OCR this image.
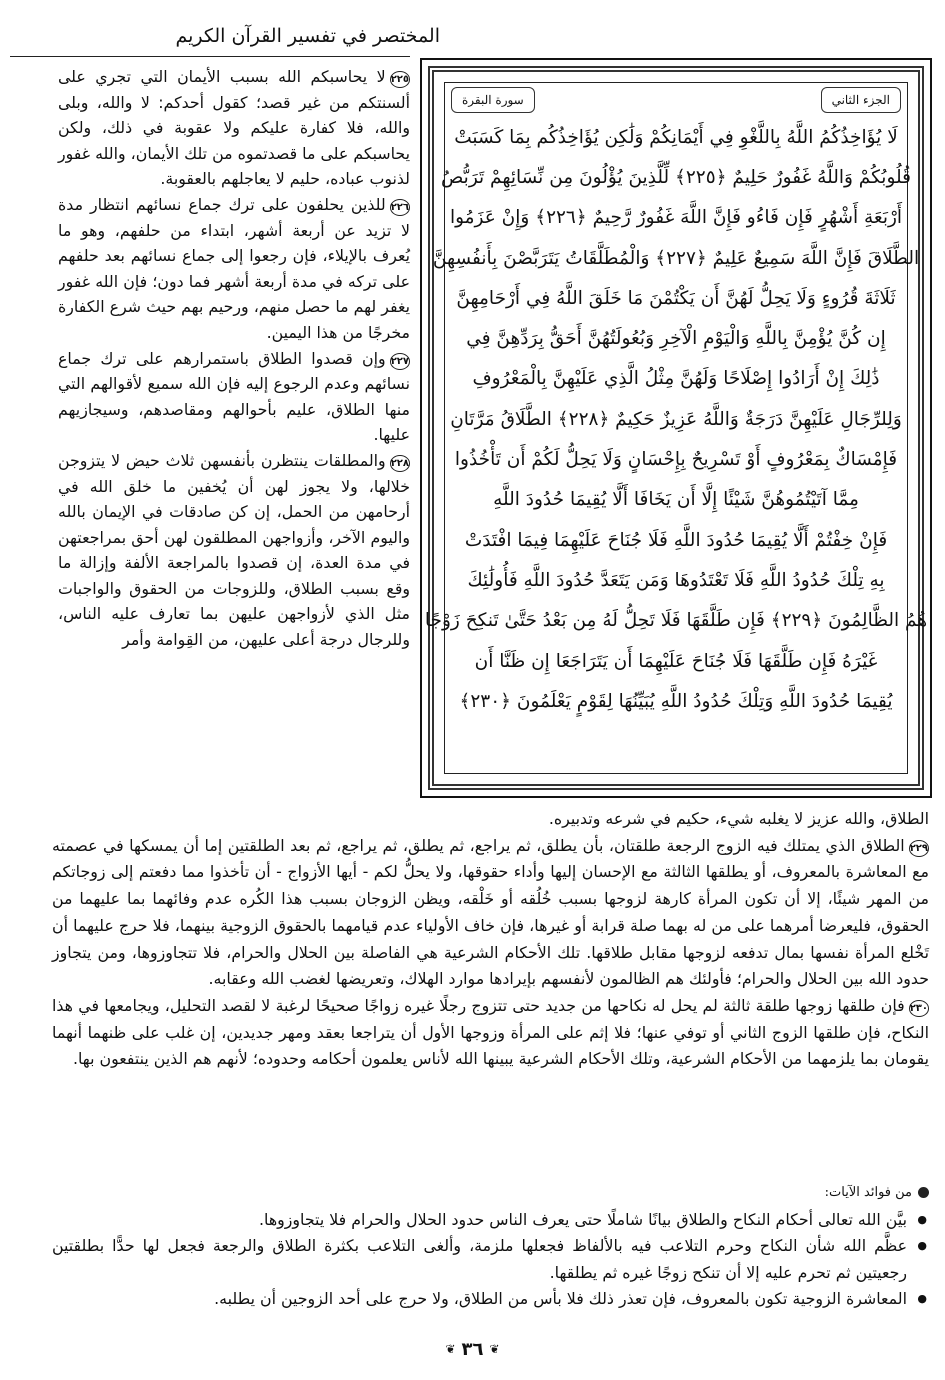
المختصر في تفسير القرآن الكريم
الجزء الثاني
سورة البقرة
لَا يُؤَاخِذُكُمُ اللَّهُ بِاللَّغْوِ فِي أَيْمَانِكُمْ وَلَٰكِن يُؤَاخِذُكُم بِمَا كَسَبَتْ
قُلُوبُكُمْ وَاللَّهُ غَفُورٌ حَلِيمٌ ﴿٢٢٥﴾ لِّلَّذِينَ يُؤْلُونَ مِن نِّسَائِهِمْ تَرَبُّصُ
أَرْبَعَةِ أَشْهُرٍ فَإِن فَاءُو فَإِنَّ اللَّهَ غَفُورٌ رَّحِيمٌ ﴿٢٢٦﴾ وَإِنْ عَزَمُوا
الطَّلَاقَ فَإِنَّ اللَّهَ سَمِيعٌ عَلِيمٌ ﴿٢٢٧﴾ وَالْمُطَلَّقَاتُ يَتَرَبَّصْنَ بِأَنفُسِهِنَّ
ثَلَاثَةَ قُرُوءٍ وَلَا يَحِلُّ لَهُنَّ أَن يَكْتُمْنَ مَا خَلَقَ اللَّهُ فِي أَرْحَامِهِنَّ
إِن كُنَّ يُؤْمِنَّ بِاللَّهِ وَالْيَوْمِ الْآخِرِ وَبُعُولَتُهُنَّ أَحَقُّ بِرَدِّهِنَّ فِي
ذَٰلِكَ إِنْ أَرَادُوا إِصْلَاحًا وَلَهُنَّ مِثْلُ الَّذِي عَلَيْهِنَّ بِالْمَعْرُوفِ
وَلِلرِّجَالِ عَلَيْهِنَّ دَرَجَةٌ وَاللَّهُ عَزِيزٌ حَكِيمٌ ﴿٢٢٨﴾ الطَّلَاقُ مَرَّتَانِ
فَإِمْسَاكٌ بِمَعْرُوفٍ أَوْ تَسْرِيحٌ بِإِحْسَانٍ وَلَا يَحِلُّ لَكُمْ أَن تَأْخُذُوا
مِمَّا آتَيْتُمُوهُنَّ شَيْئًا إِلَّا أَن يَخَافَا أَلَّا يُقِيمَا حُدُودَ اللَّهِ
فَإِنْ خِفْتُمْ أَلَّا يُقِيمَا حُدُودَ اللَّهِ فَلَا جُنَاحَ عَلَيْهِمَا فِيمَا افْتَدَتْ
بِهِ تِلْكَ حُدُودُ اللَّهِ فَلَا تَعْتَدُوهَا وَمَن يَتَعَدَّ حُدُودَ اللَّهِ فَأُولَٰئِكَ
هُمُ الظَّالِمُونَ ﴿٢٢٩﴾ فَإِن طَلَّقَهَا فَلَا تَحِلُّ لَهُ مِن بَعْدُ حَتَّىٰ تَنكِحَ زَوْجًا
غَيْرَهُ فَإِن طَلَّقَهَا فَلَا جُنَاحَ عَلَيْهِمَا أَن يَتَرَاجَعَا إِن ظَنَّا أَن
يُقِيمَا حُدُودَ اللَّهِ وَتِلْكَ حُدُودُ اللَّهِ يُبَيِّنُهَا لِقَوْمٍ يَعْلَمُونَ ﴿٢٣٠﴾

٢٢٥لا يحاسبكم الله بسبب الأيمان التي تجري على ألسنتكم من غير قصد؛ كقول أحدكم: لا والله، وبلى والله، فلا كفارة عليكم ولا عقوبة في ذلك، ولكن يحاسبكم على ما قصدتموه من تلك الأيمان، والله غفور لذنوب عباده، حليم لا يعاجلهم بالعقوبة.

٢٢٦للذين يحلفون على ترك جماع نسائهم انتظار مدة لا تزيد عن أربعة أشهر، ابتداء من حلفهم، وهو ما يُعرف بالإيلاء، فإن رجعوا إلى جماع نسائهم بعد حلفهم على تركه في مدة أربعة أشهر فما دون؛ فإن الله غفور يغفر لهم ما حصل منهم، ورحيم بهم حيث شرع الكفارة مخرجًا من هذا اليمين.

٢٢٧وإن قصدوا الطلاق باستمرارهم على ترك جماع نسائهم وعدم الرجوع إليه فإن الله سميع لأقوالهم التي منها الطلاق، عليم بأحوالهم ومقاصدهم، وسيجازيهم عليها.

٢٢٨والمطلقات ينتظرن بأنفسهن ثلاث حيض لا يتزوجن خلالها، ولا يجوز لهن أن يُخفين ما خلق الله في أرحامهن من الحمل، إن كن صادقات في الإيمان بالله واليوم الآخر، وأزواجهن المطلقون لهن أحق بمراجعتهن في مدة العدة، إن قصدوا بالمراجعة الألفة وإزالة ما وقع بسبب الطلاق، وللزوجات من الحقوق والواجبات مثل الذي لأزواجهن عليهن بما تعارف عليه الناس، وللرجال درجة أعلى عليهن، من القِوامة وأمر

الطلاق، والله عزيز لا يغلبه شيء، حكيم في شرعه وتدبيره.

٢٢٩الطلاق الذي يمتلك فيه الزوج الرجعة طلقتان، بأن يطلق، ثم يراجع، ثم يطلق، ثم يراجع، ثم بعد الطلقتين إما أن يمسكها في عصمته مع المعاشرة بالمعروف، أو يطلقها الثالثة مع الإحسان إليها وأداء حقوقها، ولا يحلُّ لكم - أيها الأزواج - أن تأخذوا مما دفعتم إلى زوجاتكم من المهر شيئًا، إلا أن تكون المرأة كارهة لزوجها بسبب خُلُقه أو خَلْقه، ويظن الزوجان بسبب هذا الكُره عدم وفائهما بما عليهما من الحقوق، فليعرضا أمرهما على من له بهما صلة قرابة أو غيرها، فإن خاف الأولياء عدم قيامهما بالحقوق الزوجية بينهما، فلا حرج عليهما أن تَخْلع المرأة نفسها بمال تدفعه لزوجها مقابل طلاقها. تلك الأحكام الشرعية هي الفاصلة بين الحلال والحرام، فلا تتجاوزوها، ومن يتجاوز حدود الله بين الحلال والحرام؛ فأولئك هم الظالمون لأنفسهم بإيرادها موارد الهلاك، وتعريضها لغضب الله وعقابه.

٢٣٠فإن طلقها زوجها طلقة ثالثة لم يحل له نكاحها من جديد حتى تتزوج رجلًا غيره زواجًا صحيحًا لرغبة لا لقصد التحليل، ويجامعها في هذا النكاح، فإن طلقها الزوج الثاني أو توفي عنها؛ فلا إثم على المرأة وزوجها الأول أن يتراجعا بعقد ومهر جديدين، إن غلب على ظنهما أنهما يقومان بما يلزمهما من الأحكام الشرعية، وتلك الأحكام الشرعية يبينها الله لأناس يعلمون أحكامه وحدوده؛ لأنهم هم الذين ينتفعون بها.

من فوائد الآيات:
● بيَّن الله تعالى أحكام النكاح والطلاق بيانًا شاملًا حتى يعرف الناس حدود الحلال والحرام فلا يتجاوزوها.
● عظَّم الله شأن النكاح وحرم التلاعب فيه بالألفاظ فجعلها ملزمة، وألغى التلاعب بكثرة الطلاق والرجعة فجعل لها حدًّا بطلقتين رجعيتين ثم تحرم عليه إلا أن تنكح زوجًا غيره ثم يطلقها.
● المعاشرة الزوجية تكون بالمعروف، فإن تعذر ذلك فلا بأس من الطلاق، ولا حرج على أحد الزوجين أن يطلبه.
❦
٣٦
❦
